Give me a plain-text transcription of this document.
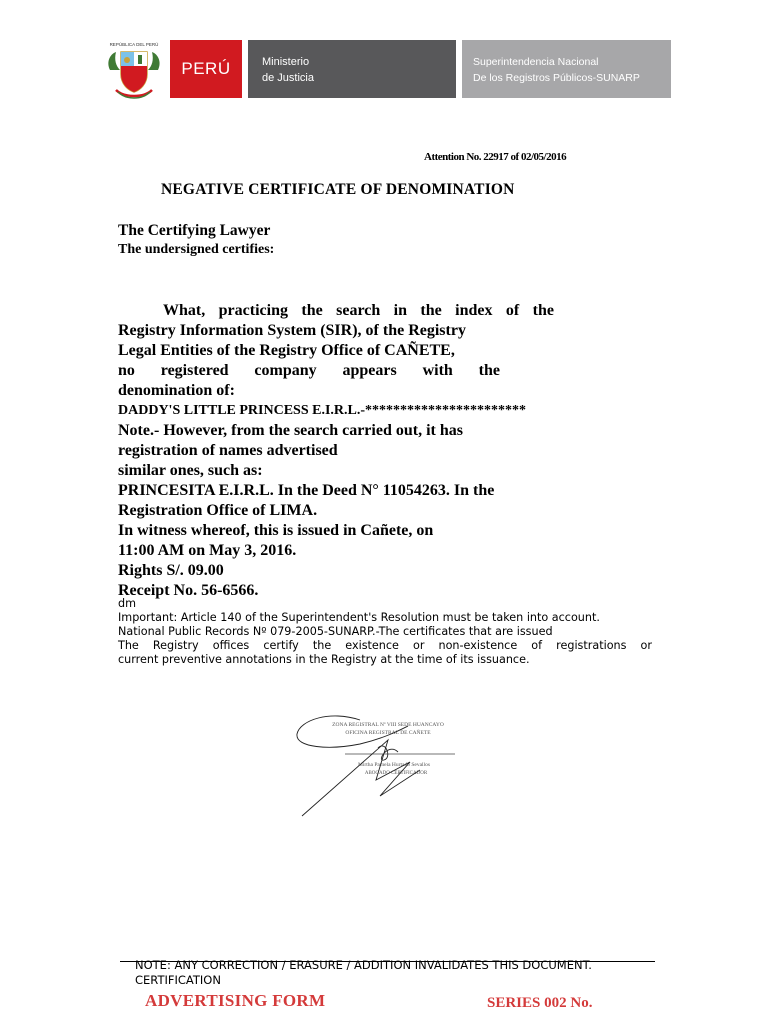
REPÚBLICA DEL PERÚ
PERÚ	Ministerio
de Justicia
Superintendencia Nacional
De los Registros Públicos-SUNARP
Attention No. 22917 of 02/05/2016
NEGATIVE CERTIFICATE OF DENOMINATION
The Certifying Lawyer
The undersigned certifies:
What, practicing the search in the index of the
Registry Information System (SIR), of the Registry
Legal Entities of the Registry Office of CAÑETE,
no registered company appears with the
denomination of:
DADDY'S LITTLE PRINCESS E.I.R.L.-***********************
Note.- However, from the search carried out, it has
registration of names advertised
similar ones, such as:
PRINCESITA E.I.R.L. In the Deed N° 11054263. In the
Registration Office of LIMA.
In witness whereof, this is issued in Cañete, on
11:00 AM on May 3, 2016.
Rights S/. 09.00
Receipt No. 56-6566.
dm
Important: Article 140 of the Superintendent's Resolution must be taken into account.
National Public Records Nº 079-2005-SUNARP.-The certificates that are issued
The Registry offices certify the existence or non-existence of registrations or
current preventive annotations in the Registry at the time of its issuance.
ZONA REGISTRAL Nº VIII SEDE HUANCAYO
OFICINA REGISTRAL DE CAÑETE
Mirtha Pamela Hurtado Sevallos
ABOGADO CERTIFICADOR
NOTE: ANY CORRECTION / ERASURE / ADDITION INVALIDATES THIS DOCUMENT.
CERTIFICATION
ADVERTISING FORM	SERIES 002 No.
